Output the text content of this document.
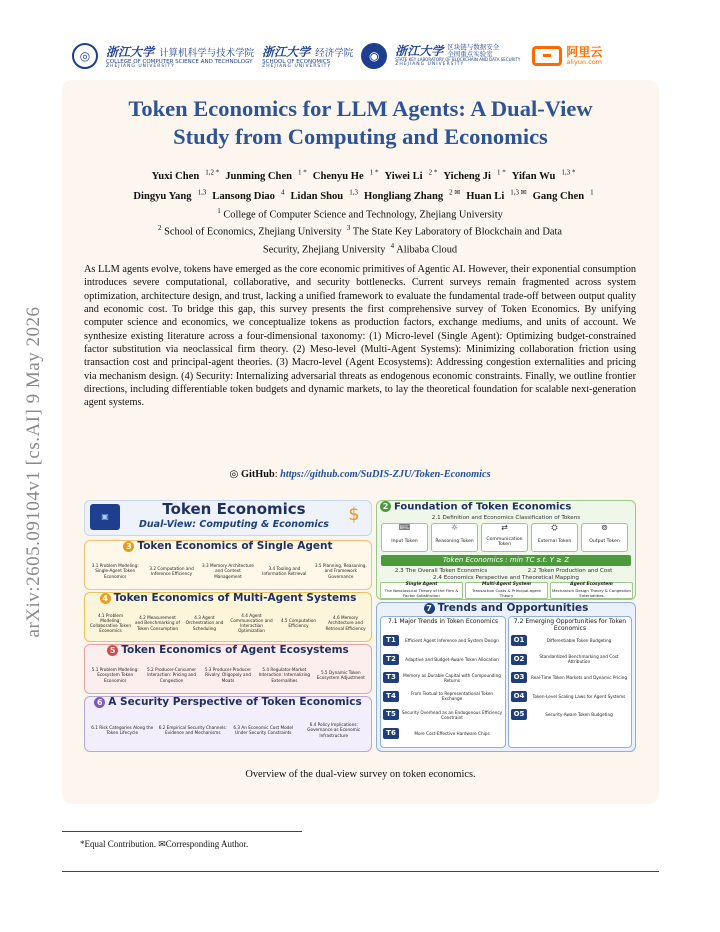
arXiv:2605.09104v1 [cs.AI] 9 May 2026
◎	浙江大学 计算机科学与技术学院
COLLEGE OF COMPUTER SCIENCE AND TECHNOLOGY
ZHEJIANG UNIVERSITY
浙江大学 经济学院
SCHOOL OF ECONOMICS
ZHEJIANG UNIVERSITY
◉	浙江大学 区块链与数据安全
全国重点实验室
STATE KEY LABORATORY OF BLOCKCHAIN AND DATA SECURITY
ZHEJIANG UNIVERSITY
阿里云
aliyun.com
Token Economics for LLM Agents: A Dual-View
Study from Computing and Economics
Yuxi Chen $^{1,2 *}$ Junming Chen $^{1 *}$ Chenyu He $^{1 *}$ Yiwei Li $^{2 *}$ Yicheng Ji $^{1 *}$ Yifan Wu $^{1,3 *}$
Dingyu Yang $^{1,3}$ Lansong Diao $^4$ Lidan Shou $^{1,3}$ Hongliang Zhang $^{2 ✉}$ Huan Li $^{1,3 ✉}$ Gang Chen $^1$
$^1$ College of Computer Science and Technology, Zhejiang University
$^2$ School of Economics, Zhejiang University $^3$ The State Key Laboratory of Blockchain and Data
Security, Zhejiang University $^4$ Alibaba Cloud
As LLM agents evolve, tokens have emerged as the core economic primitives of Agentic AI. However, their exponential consumption introduces severe computational, collaborative, and security bottlenecks. Current surveys remain fragmented across system optimization, architecture design, and trust, lacking a unified framework to evaluate the fundamental trade-off between output quality and economic cost. To bridge this gap, this survey presents the first comprehensive survey of Token Economics. By unifying computer science and economics, we conceptualize tokens as production factors, exchange mediums, and units of account. We synthesize existing literature across a four-dimensional taxonomy: (1) Micro-level (Single Agent): Optimizing budget-constrained factor substitution via neoclassical firm theory. (2) Meso-level (Multi-Agent Systems): Minimizing collaboration friction using transaction cost and principal-agent theories. (3) Macro-level (Agent Ecosystems): Addressing congestion externalities and pricing via mechanism design. (4) Security: Internalizing adversarial threats as endogenous economic constraints. Finally, we outline frontier directions, including differentiable token budgets and dynamic markets, to lay the theoretical foundation for scalable next-generation agent systems.
◎ GitHub: https://github.com/SuDIS-ZJU/Token-Economics
▣	Token Economics
Dual-View: Computing & Economics	$
3 Token Economics of Single Agent
3.1 Problem Modeling: Single-Agent Token Economics
3.2 Computation and Inference Efficiency
3.3 Memory Architecture and Context Management
3.4 Tooling and Information Retrieval
3.5 Planning, Reasoning, and Framework Governance
4 Token Economics of Multi-Agent Systems
4.1 Problem Modeling: Collaborative Token Economics
4.2 Measurement and Benchmarking of Token Consumption
4.3 Agent Orchestration and Scheduling
4.4 Agent Communication and Interaction Optimization
4.5 Computation Efficiency
4.6 Memory Architecture and Retrieval Efficiency
5 Token Economics of Agent Ecosystems
5.1 Problem Modeling: Ecosystem Token Economics
5.2 Producer-Consumer Interaction: Pricing and Congestion
5.3 Producer-Producer Rivalry: Oligopoly and Moats
5.4 Regulator-Market Interaction: Internalizing Externalities
5.5 Dynamic Token Ecosystem Adjustment
6 A Security Perspective of Token Economics
6.1 Risk Categories Along the Token Lifecycle
6.2 Empirical Security Channels: Evidence and Mechanisms
6.3 An Economic Cost Model Under Security Constraints
6.4 Policy Implications: Governance as Economic Infrastructure
2 Foundation of Token Economics
2.1 Definition and Economics Classification of Tokens
⌨
Input Token
☼
Reasoning Token
⇄
Communication Token
⛭
External Token
⊚
Output Token
Token Economics : min TC s.t. Y ≥ Z
2.3 The Overall Token Economics	2.2 Token Production and Cost
2.4 Economics Perspective and Theoretical Mapping
Single Agent
The Neoclassical Theory of the Firm & Factor Substitution
Multi-Agent System
Transaction Costs & Principal-agent Theory
Agent Ecosystem
Mechanism Design Theory & Congestion Externalities
7 Trends and Opportunities
7.1 Major Trends in Token Economics	7.2 Emerging Opportunities for Token Economics
T1	Efficient Agent Inference and System Design
T2	Adaptive and Budget-Aware Token Allocation
T3	Memory as Durable Capital with Compounding Returns
T4	From Textual to Representational Token Exchange
T5	Security Overhead as an Endogenous Efficiency Constraint
T6	More Cost-Effective Hardware Chips
O1	Differentiable Token Budgeting
O2	Standardized Benchmarking and Cost Attribution
O3	Real-Time Token Markets and Dynamic Pricing
O4	Token-Level Scaling Laws for Agent Systems
O5	Security-Aware Token Budgeting
Overview of the dual-view survey on token economics.
*Equal Contribution. ✉Corresponding Author.
